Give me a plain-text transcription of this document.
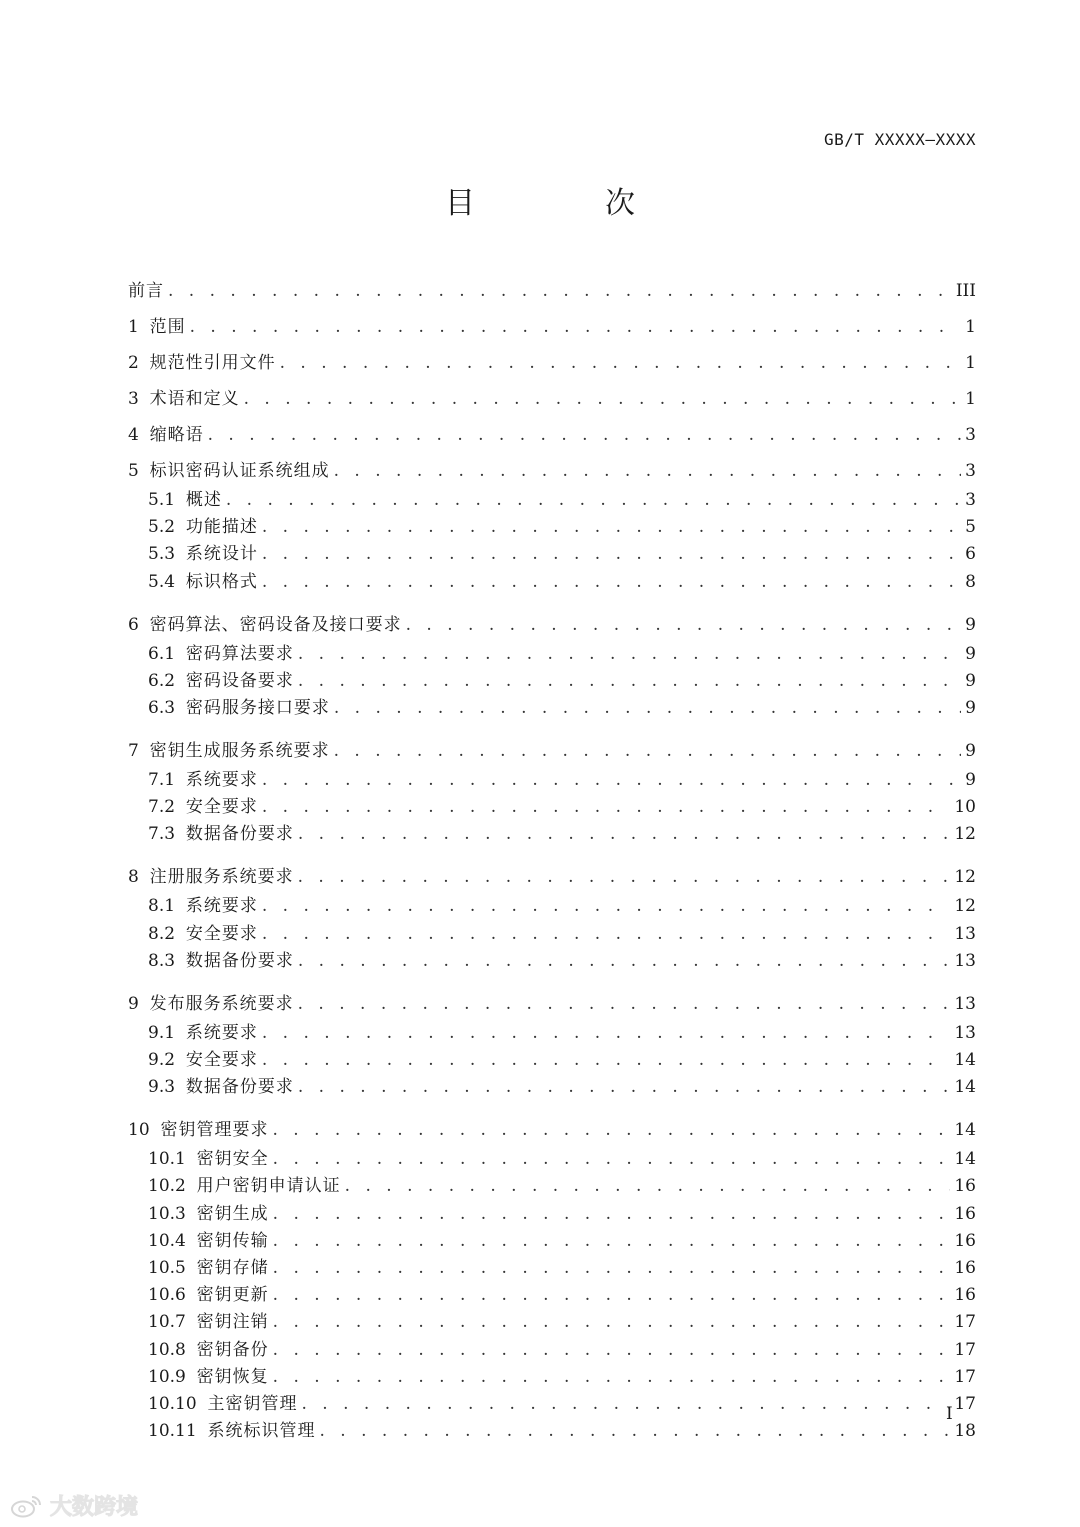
GB/T XXXXX—XXXX
目　次
前言 . . .	III
1 范围 . . .	1
2 规范性引用文件 . . .	1
3 术语和定义 . . .	1
4 缩略语 . . .	3
5 标识密码认证系统组成 . . .	3
5.1 概述 . . .	3
5.2 功能描述 . . .	5
5.3 系统设计 . . .	6
5.4 标识格式 . . .	8
6 密码算法、密码设备及接口要求 . . .	9
6.1 密码算法要求 . . .	9
6.2 密码设备要求 . . .	9
6.3 密码服务接口要求 . . .	9
7 密钥生成服务系统要求 . . .	9
7.1 系统要求 . . .	9
7.2 安全要求 . . .	10
7.3 数据备份要求 . . .	12
8 注册服务系统要求 . . .	12
8.1 系统要求 . . .	12
8.2 安全要求 . . .	13
8.3 数据备份要求 . . .	13
9 发布服务系统要求 . . .	13
9.1 系统要求 . . .	13
9.2 安全要求 . . .	14
9.3 数据备份要求 . . .	14
10 密钥管理要求 . . .	14
10.1 密钥安全 . . .	14
10.2 用户密钥申请认证 . . .	16
10.3 密钥生成 . . .	16
10.4 密钥传输 . . .	16
10.5 密钥存储 . . .	16
10.6 密钥更新 . . .	16
10.7 密钥注销 . . .	17
10.8 密钥备份 . . .	17
10.9 密钥恢复 . . .	17
10.10 主密钥管理 . . .	17
10.11 系统标识管理 . . .	18
I
大数跨境
